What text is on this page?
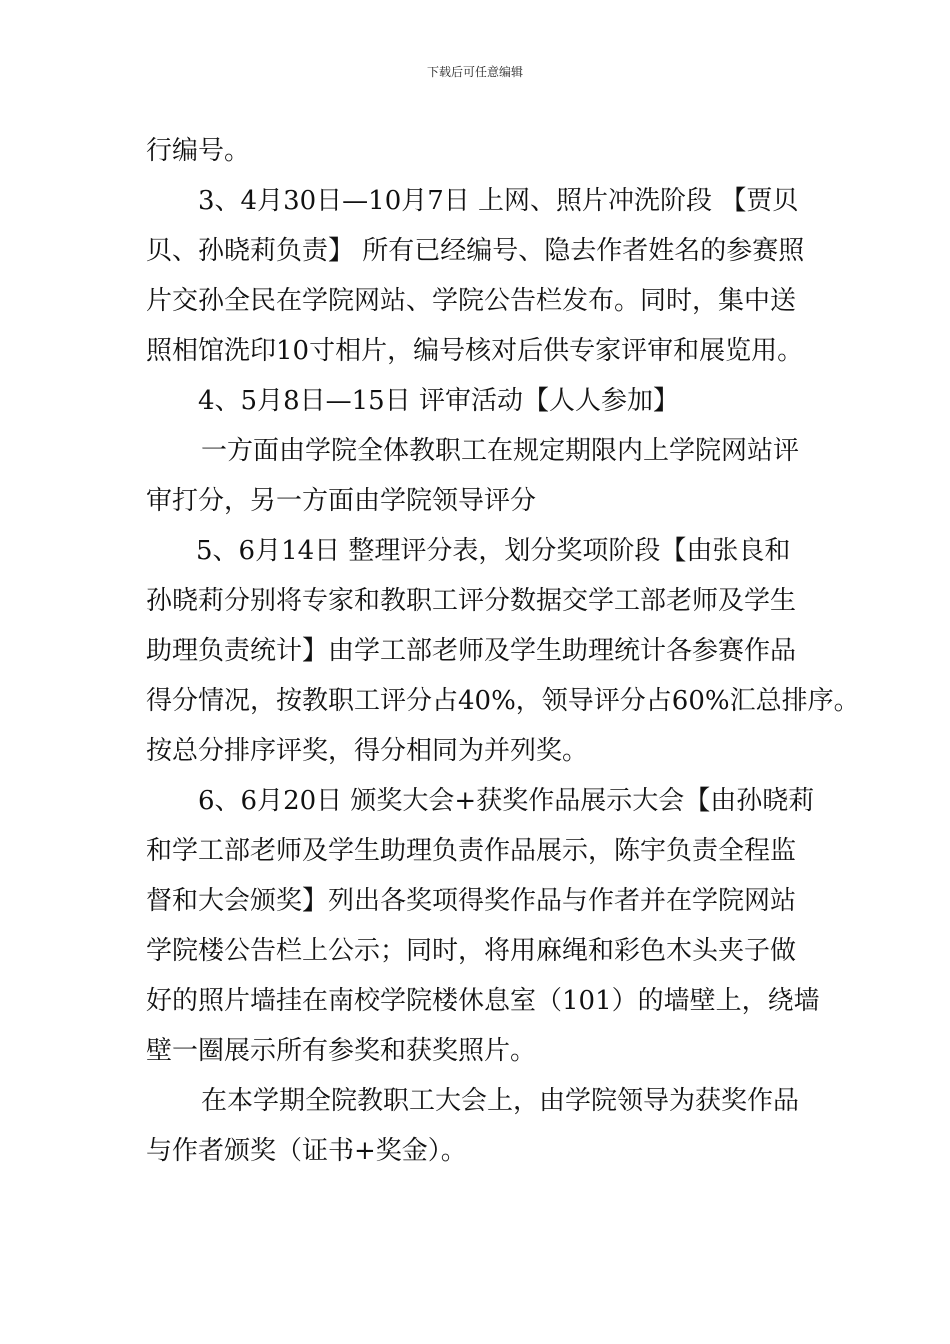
下载后可任意编辑
行编号。
3、4月30日—10月7日 上网、照片冲洗阶段 【贾贝
贝、孙晓莉负责】 所有已经编号、隐去作者姓名的参赛照
片交孙全民在学院网站、学院公告栏发布。同时，集中送
照相馆洗印10寸相片，编号核对后供专家评审和展览用。
4、5月8日—15日 评审活动【人人参加】
一方面由学院全体教职工在规定期限内上学院网站评
审打分，另一方面由学院领导评分
5、6月14日 整理评分表，划分奖项阶段【由张良和
孙晓莉分别将专家和教职工评分数据交学工部老师及学生
助理负责统计】由学工部老师及学生助理统计各参赛作品
得分情况，按教职工评分占40%，领导评分占60%汇总排序。
按总分排序评奖，得分相同为并列奖。
6、6月20日 颁奖大会+获奖作品展示大会【由孙晓莉
和学工部老师及学生助理负责作品展示，陈宇负责全程监
督和大会颁奖】列出各奖项得奖作品与作者并在学院网站
学院楼公告栏上公示；同时，将用麻绳和彩色木头夹子做
好的照片墙挂在南校学院楼休息室（101）的墙壁上，绕墙
壁一圈展示所有参奖和获奖照片。
在本学期全院教职工大会上，由学院领导为获奖作品
与作者颁奖（证书+奖金）。
